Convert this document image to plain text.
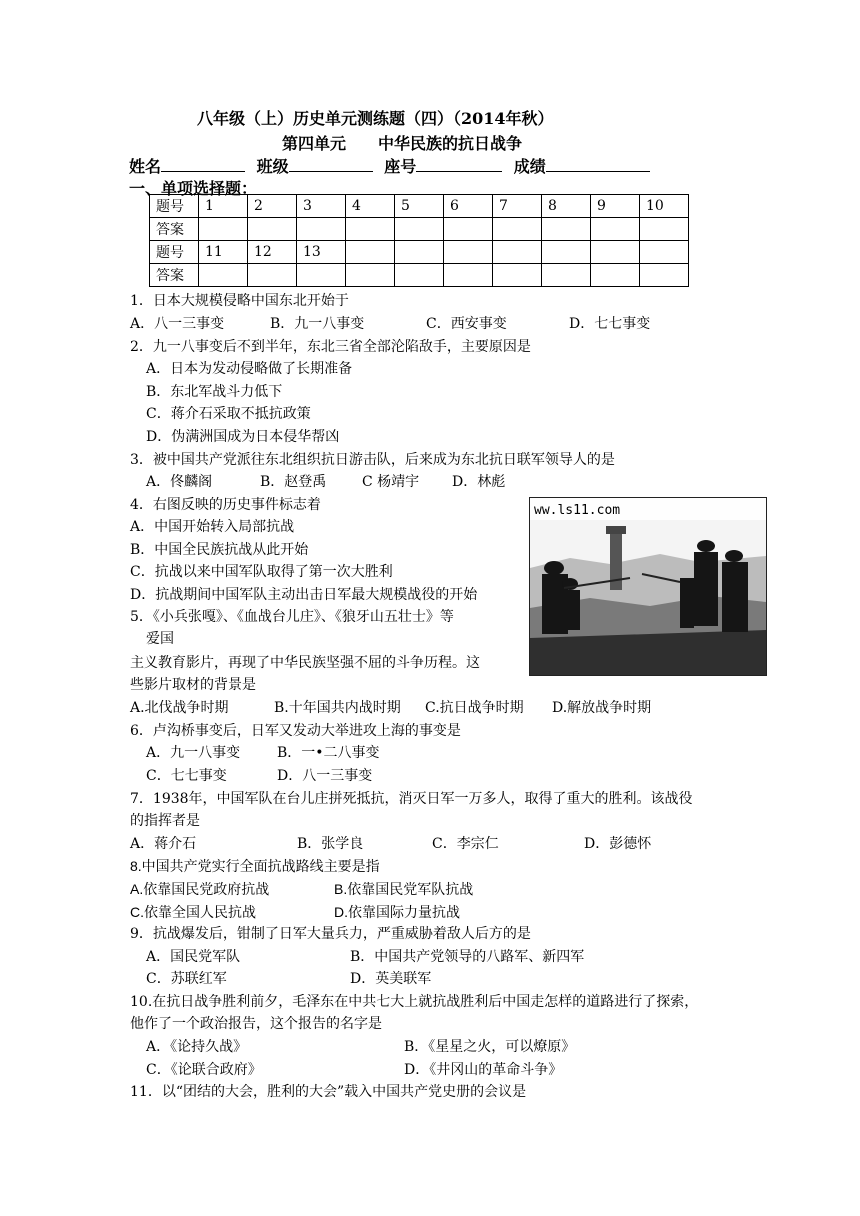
八年级（上）历史单元测练题（四）（2014年秋）
第四单元　　中华民族的抗日战争
姓名	班级	座号	成绩
一、单项选择题：
题号	1	2	3	4	5	6	7	8	9	10
答案										
题号	11	12	13							
答案										
1．日本大规模侵略中国东北开始于
A．八一三事变	B．九一八事变	C．西安事变	D．七七事变
2．九一八事变后不到半年，东北三省全部沦陷敌手，主要原因是
A．日本为发动侵略做了长期准备
B．东北军战斗力低下
C．蒋介石采取不抵抗政策
D．伪满洲国成为日本侵华帮凶
3．被中国共产党派往东北组织抗日游击队，后来成为东北抗日联军领导人的是
A．佟麟阁	B．赵登禹	C 杨靖宇 D．林彪
4．右图反映的历史事件标志着
A．中国开始转入局部抗战
B．中国全民族抗战从此开始
C．抗战以来中国军队取得了第一次大胜利
D．抗战期间中国军队主动出击日军最大规模战役的开始
ww.ls11.com
5．《小兵张嘎》、《血战台儿庄》、《狼牙山五壮士》等
爱国
主义教育影片，再现了中华民族坚强不屈的斗争历程。这
些影片取材的背景是
A.北伐战争时期	B.十年国共内战时期 C.抗日战争时期 D.解放战争时期
6．卢沟桥事变后，日军又发动大举进攻上海的事变是
A．九一八事变	B．一•二八事变
C．七七事变	D．八一三事变
7．1938年，中国军队在台儿庄拼死抵抗，消灭日军一万多人，取得了重大的胜利。该战役
的指挥者是
A．蒋介石	B．张学良	C．李宗仁	D．彭德怀
8.中国共产党实行全面抗战路线主要是指
A.依靠国民党政府抗战	B.依靠国民党军队抗战
C.依靠全国人民抗战	D.依靠国际力量抗战
9．抗战爆发后，钳制了日军大量兵力，严重威胁着敌人后方的是
A．国民党军队	B．中国共产党领导的八路军、新四军
C．苏联红军	D．英美联军
10.在抗日战争胜利前夕，毛泽东在中共七大上就抗战胜利后中国走怎样的道路进行了探索，
他作了一个政治报告，这个报告的名字是
A．《论持久战》	B．《星星之火，可以燎原》
C．《论联合政府》	D．《井冈山的革命斗争》
11．以“团结的大会，胜利的大会”载入中国共产党史册的会议是
